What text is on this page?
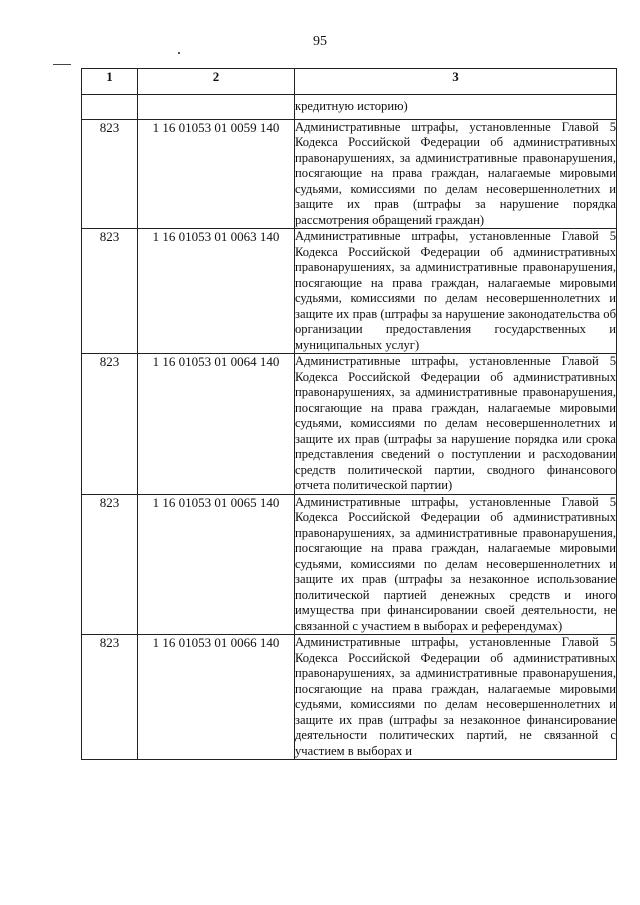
95
1	2	3
		кредитную историю)
823	1 16 01053 01 0059 140	Административные штрафы, установленные Главой 5 Кодекса Российской Федерации об административных правонарушениях, за административные правонарушения, посягающие на права граждан, налагаемые мировыми судьями, комиссиями по делам несовершеннолетних и защите их прав (штрафы за нарушение порядка рассмотрения обращений граждан)
823	1 16 01053 01 0063 140	Административные штрафы, установленные Главой 5 Кодекса Российской Федерации об административных правонарушениях, за административные правонарушения, посягающие на права граждан, налагаемые мировыми судьями, комиссиями по делам несовершеннолетних и защите их прав (штрафы за нарушение законодательства об организации предоставления государственных и муниципальных услуг)
823	1 16 01053 01 0064 140	Административные штрафы, установленные Главой 5 Кодекса Российской Федерации об административных правонарушениях, за административные правонарушения, посягающие на права граждан, налагаемые мировыми судьями, комиссиями по делам несовершеннолетних и защите их прав (штрафы за нарушение порядка или срока представления сведений о поступлении и расходовании средств политической партии, сводного финансового отчета политической партии)
823	1 16 01053 01 0065 140	Административные штрафы, установленные Главой 5 Кодекса Российской Федерации об административных правонарушениях, за административные правонарушения, посягающие на права граждан, налагаемые мировыми судьями, комиссиями по делам несовершеннолетних и защите их прав (штрафы за незаконное использование политической партией денежных средств и иного имущества при финансировании своей деятельности, не связанной с участием в выборах и референдумах)
823	1 16 01053 01 0066 140	Административные штрафы, установленные Главой 5 Кодекса Российской Федерации об административных правонарушениях, за административные правонарушения, посягающие на права граждан, налагаемые мировыми судьями, комиссиями по делам несовершеннолетних и защите их прав (штрафы за незаконное финансирование деятельности политических партий, не связанной с участием в выборах и
